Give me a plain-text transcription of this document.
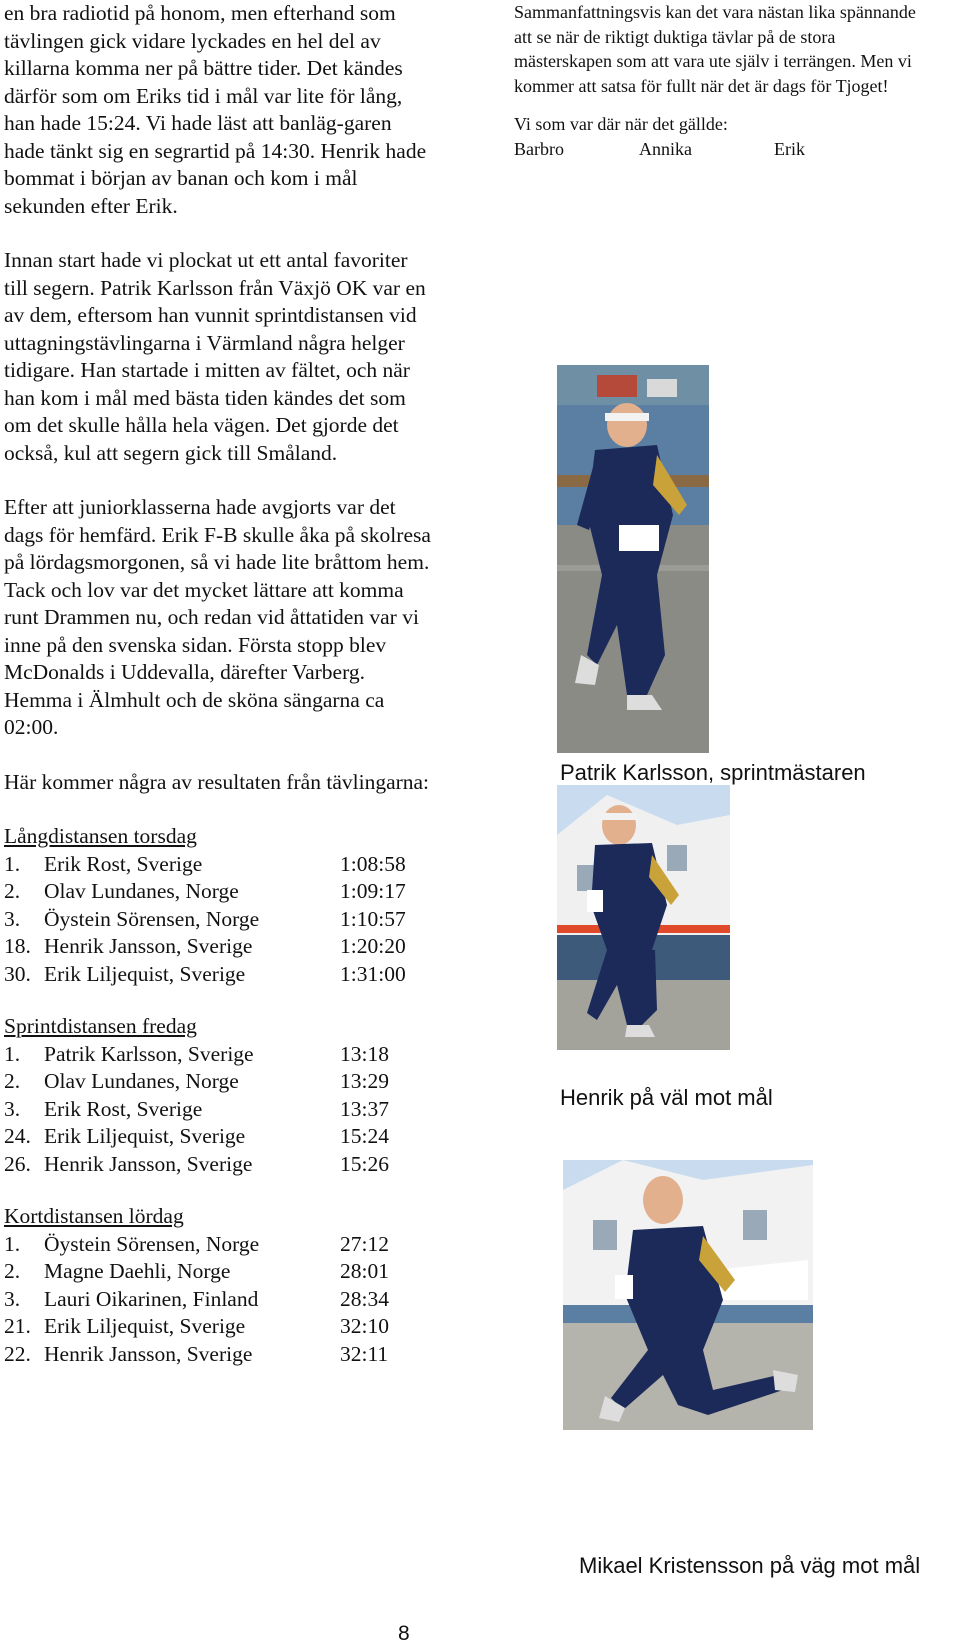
en bra radiotid på honom, men efterhand som tävlingen gick vidare lyckades en hel del av killarna komma ner på bättre tider. Det kändes därför som om Eriks tid i mål var lite för lång, han hade 15:24. Vi hade läst att banläg-garen hade tänkt sig en segrartid på 14:30. Henrik hade bommat i början av banan och kom i mål sekunden efter Erik.

Innan start hade vi plockat ut ett antal favoriter till segern. Patrik Karlsson från Växjö OK var en av dem, eftersom han vunnit sprintdistansen vid uttagningstävlingarna i Värmland några helger tidigare. Han startade i mitten av fältet, och när han kom i mål med bästa tiden kändes det som om det skulle hålla hela vägen. Det gjorde det också, kul att segern gick till Småland.

Efter att juniorklasserna hade avgjorts var det dags för hemfärd. Erik F-B skulle åka på skolresa på lördagsmorgonen, så vi hade lite bråttom hem. Tack och lov var det mycket lättare att komma runt Drammen nu, och redan vid åttatiden var vi inne på den svenska sidan. Första stopp blev McDonalds i Uddevalla, därefter Varberg. Hemma i Älmhult och de sköna sängarna ca 02:00.

Här kommer några av resultaten från tävlingarna:

Långdistansen torsdag
1.	Erik Rost, Sverige	1:08:58
2.	Olav Lundanes, Norge	1:09:17
3.	Öystein Sörensen, Norge	1:10:57
18. Henrik Jansson, Sverige	1:20:20
30. Erik Liljequist, Sverige	1:31:00
Sprintdistansen fredag
1.	Patrik Karlsson, Sverige	13:18
2.	Olav Lundanes, Norge	13:29
3.	Erik Rost, Sverige	13:37
24. Erik Liljequist, Sverige	15:24
26. Henrik Jansson, Sverige	15:26
Kortdistansen lördag
1.	Öystein Sörensen, Norge	27:12
2.	Magne Daehli, Norge	28:01
3.	Lauri Oikarinen, Finland	28:34
21. Erik Liljequist, Sverige	32:10
22. Henrik Jansson, Sverige	32:11

Sammanfattningsvis kan det vara nästan lika spännande att se när de riktigt duktiga tävlar på de stora mästerskapen som att vara ute själv i terrängen. Men vi kommer att satsa för fullt när det är dags för Tjoget!

Vi som var där när det gällde:

Barbro	Annika	Erik
Patrik Karlsson, sprintmästaren
Henrik på väl mot mål
Mikael Kristensson på väg mot mål
8
